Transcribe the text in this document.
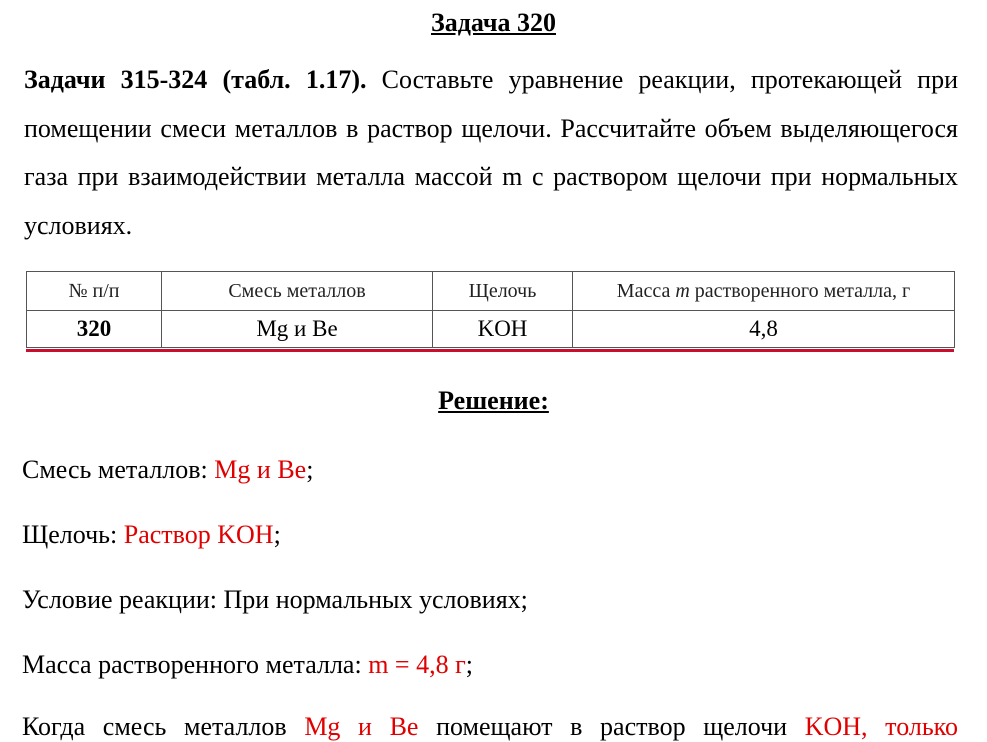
Задача 320
Задачи 315-324 (табл. 1.17). Составьте уравнение реакции, протекающей при помещении смеси металлов в раствор щелочи. Рассчитайте объем выделяющегося газа при взаимодействии металла массой m с раствором щелочи при нормальных условиях.
№ п/п	Смесь металлов	Щелочь	Масса m растворенного металла, г
320	Mg и Be	KOH	4,8
Решение:
Смесь металлов: Mg и Be;
Щелочь: Раствор KOH;
Условие реакции: При нормальных условиях;
Масса растворенного металла: m = 4,8 г;
Когда смесь металлов Mg и Be помещают в раствор щелочи KOH, только
